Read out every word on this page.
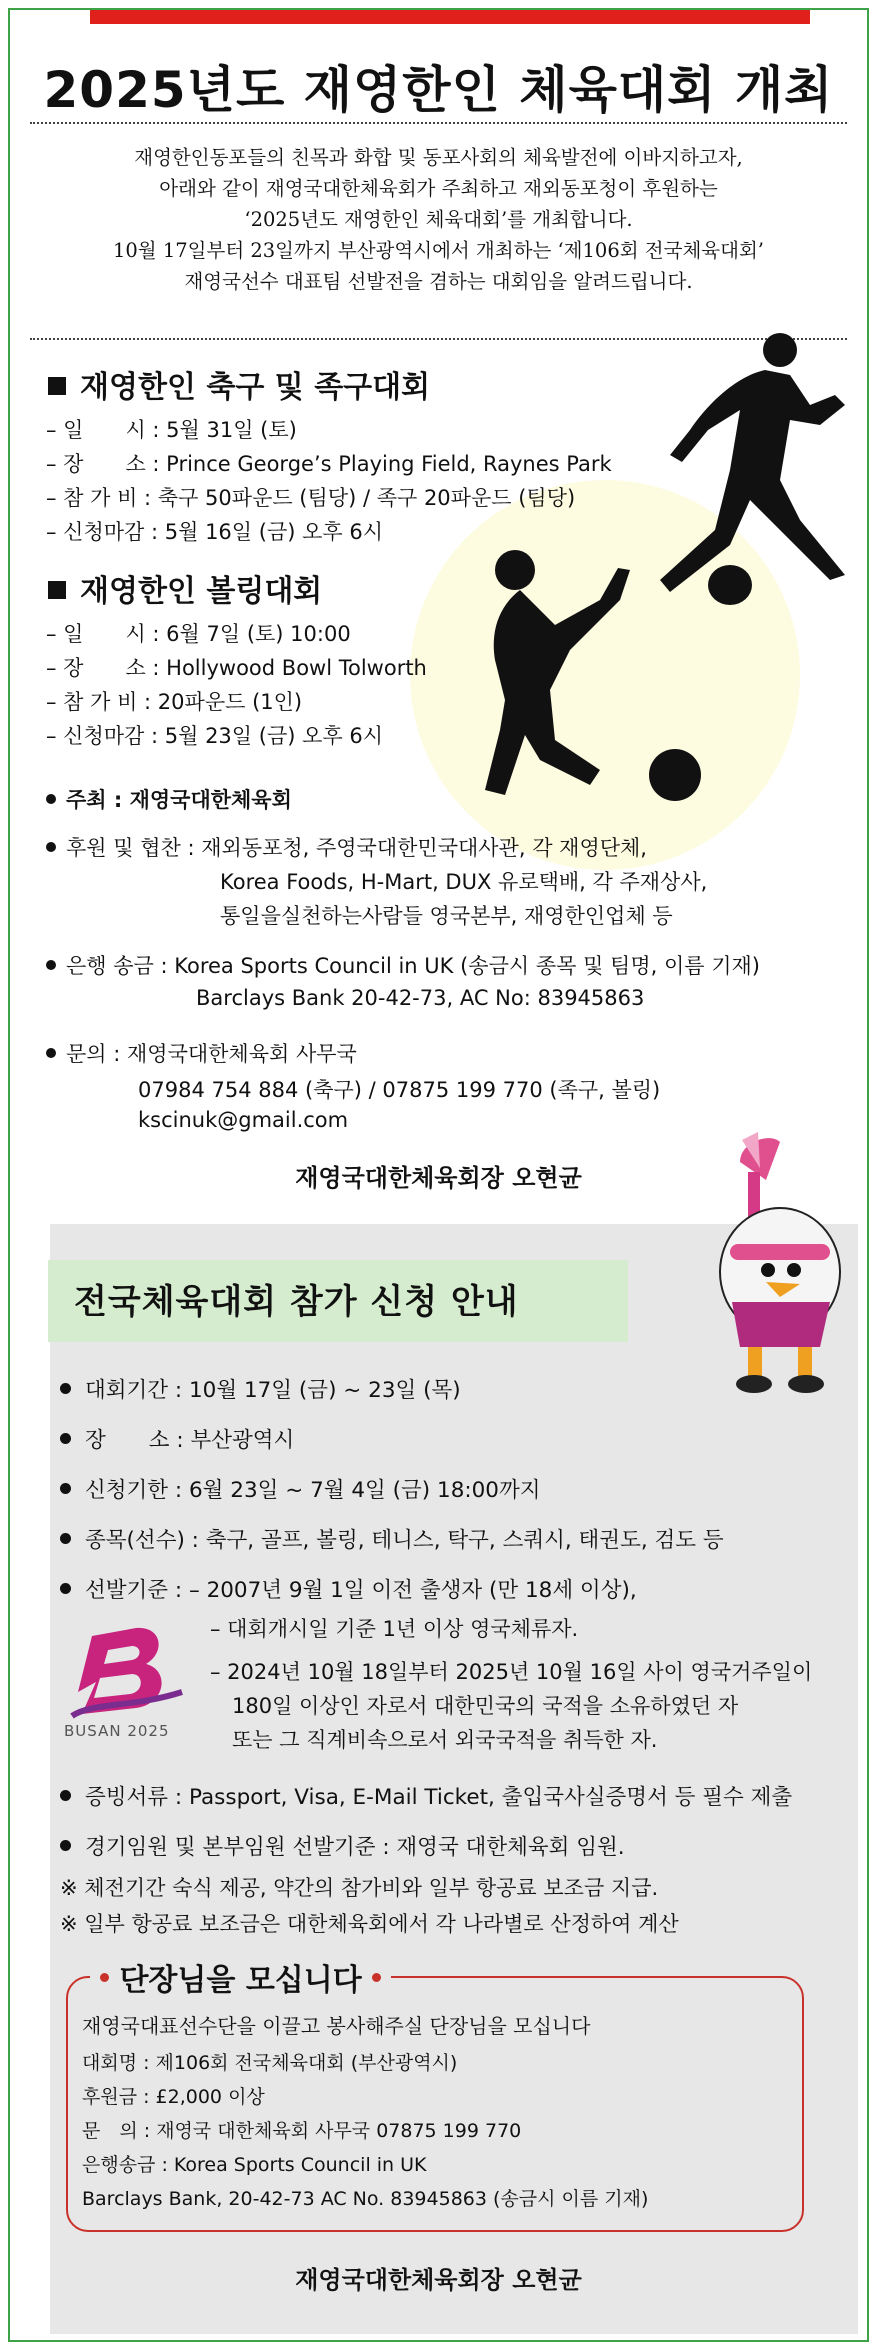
2025년도 재영한인 체육대회 개최
재영한인동포들의 친목과 화합 및 동포사회의 체육발전에 이바지하고자,
아래와 같이 재영국대한체육회가 주최하고 재외동포청이 후원하는
‘2025년도 재영한인 체육대회’를 개최합니다.
10월 17일부터 23일까지 부산광역시에서 개최하는 ‘제106회 전국체육대회’
재영국선수 대표팀 선발전을 겸하는 대회임을 알려드립니다.
재영한인 축구 및 족구대회
– 일　　시 : 5월 31일 (토)
– 장　　소 : Prince George’s Playing Field, Raynes Park
– 참 가 비 : 축구 50파운드 (팀당) / 족구 20파운드 (팀당)
– 신청마감 : 5월 16일 (금) 오후 6시
재영한인 볼링대회
– 일　　시 : 6월 7일 (토) 10:00
– 장　　소 : Hollywood Bowl Tolworth
– 참 가 비 : 20파운드 (1인)
– 신청마감 : 5월 23일 (금) 오후 6시
주최 : 재영국대한체육회
후원 및 협찬 : 재외동포청, 주영국대한민국대사관, 각 재영단체,
Korea Foods, H-Mart, DUX 유로택배, 각 주재상사,
통일을실천하는사람들 영국본부, 재영한인업체 등
은행 송금 : Korea Sports Council in UK (송금시 종목 및 팀명, 이름 기재)
Barclays Bank 20-42-73, AC No: 83945863
문의 : 재영국대한체육회 사무국
07984 754 884 (축구) / 07875 199 770 (족구, 볼링)
kscinuk@gmail.com
재영국대한체육회장 오현균
전국체육대회 참가 신청 안내
대회기간 : 10월 17일 (금) ~ 23일 (목)
장　　소 : 부산광역시
신청기한 : 6월 23일 ~ 7월 4일 (금) 18:00까지
종목(선수) : 축구, 골프, 볼링, 테니스, 탁구, 스쿼시, 태권도, 검도 등
선발기준 : – 2007년 9월 1일 이전 출생자 (만 18세 이상),
– 대회개시일 기준 1년 이상 영국체류자.
– 2024년 10월 18일부터 2025년 10월 16일 사이 영국거주일이
180일 이상인 자로서 대한민국의 국적을 소유하였던 자
또는 그 직계비속으로서 외국국적을 취득한 자.
BUSAN 2025
증빙서류 : Passport, Visa, E-Mail Ticket, 출입국사실증명서 등 필수 제출
경기임원 및 본부임원 선발기준 : 재영국 대한체육회 임원.
※ 체전기간 숙식 제공, 약간의 참가비와 일부 항공료 보조금 지급.
※ 일부 항공료 보조금은 대한체육회에서 각 나라별로 산정하여 계산
단장님을 모십니다
재영국대표선수단을 이끌고 봉사해주실 단장님을 모십니다
대회명 : 제106회 전국체육대회 (부산광역시)
후원금 : £2,000 이상
문　의 : 재영국 대한체육회 사무국 07875 199 770
은행송금 : Korea Sports Council in UK
Barclays Bank, 20-42-73 AC No. 83945863 (송금시 이름 기재)
재영국대한체육회장 오현균
